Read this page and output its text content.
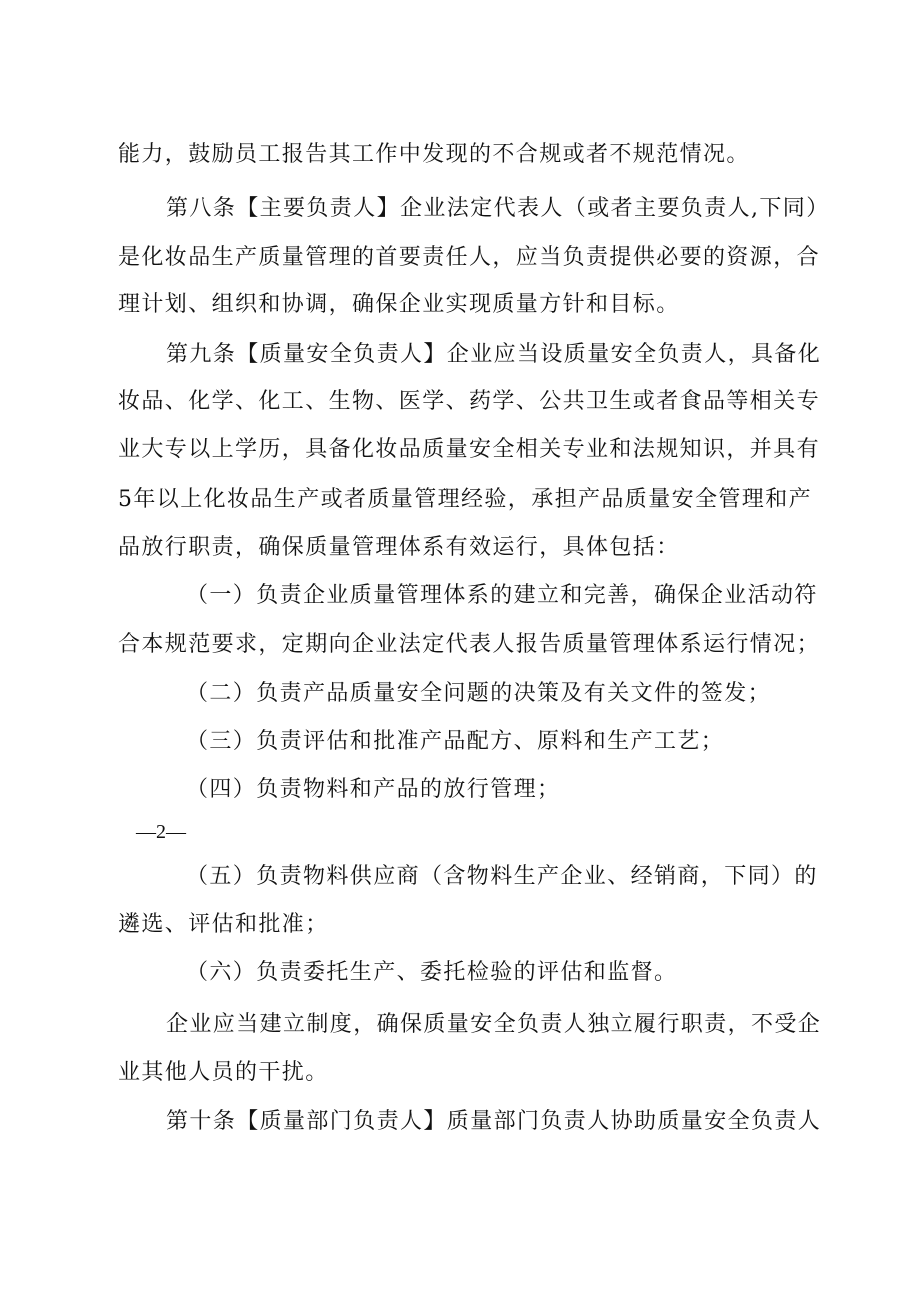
能力，鼓励员工报告其工作中发现的不合规或者不规范情况。
第八条【主要负责人】企业法定代表人（或者主要负责人,下同）
是化妆品生产质量管理的首要责任人，应当负责提供必要的资源，合
理计划、组织和协调，确保企业实现质量方针和目标。
第九条【质量安全负责人】企业应当设质量安全负责人，具备化
妆品、化学、化工、生物、医学、药学、公共卫生或者食品等相关专
业大专以上学历，具备化妆品质量安全相关专业和法规知识，并具有
5年以上化妆品生产或者质量管理经验，承担产品质量安全管理和产
品放行职责，确保质量管理体系有效运行，具体包括：
（一）负责企业质量管理体系的建立和完善，确保企业活动符
合本规范要求，定期向企业法定代表人报告质量管理体系运行情况；
（二）负责产品质量安全问题的决策及有关文件的签发；
（三）负责评估和批准产品配方、原料和生产工艺；
（四）负责物料和产品的放行管理；
—2—
（五）负责物料供应商（含物料生产企业、经销商，下同）的
遴选、评估和批准；
（六）负责委托生产、委托检验的评估和监督。
企业应当建立制度，确保质量安全负责人独立履行职责，不受企
业其他人员的干扰。
第十条【质量部门负责人】质量部门负责人协助质量安全负责人
